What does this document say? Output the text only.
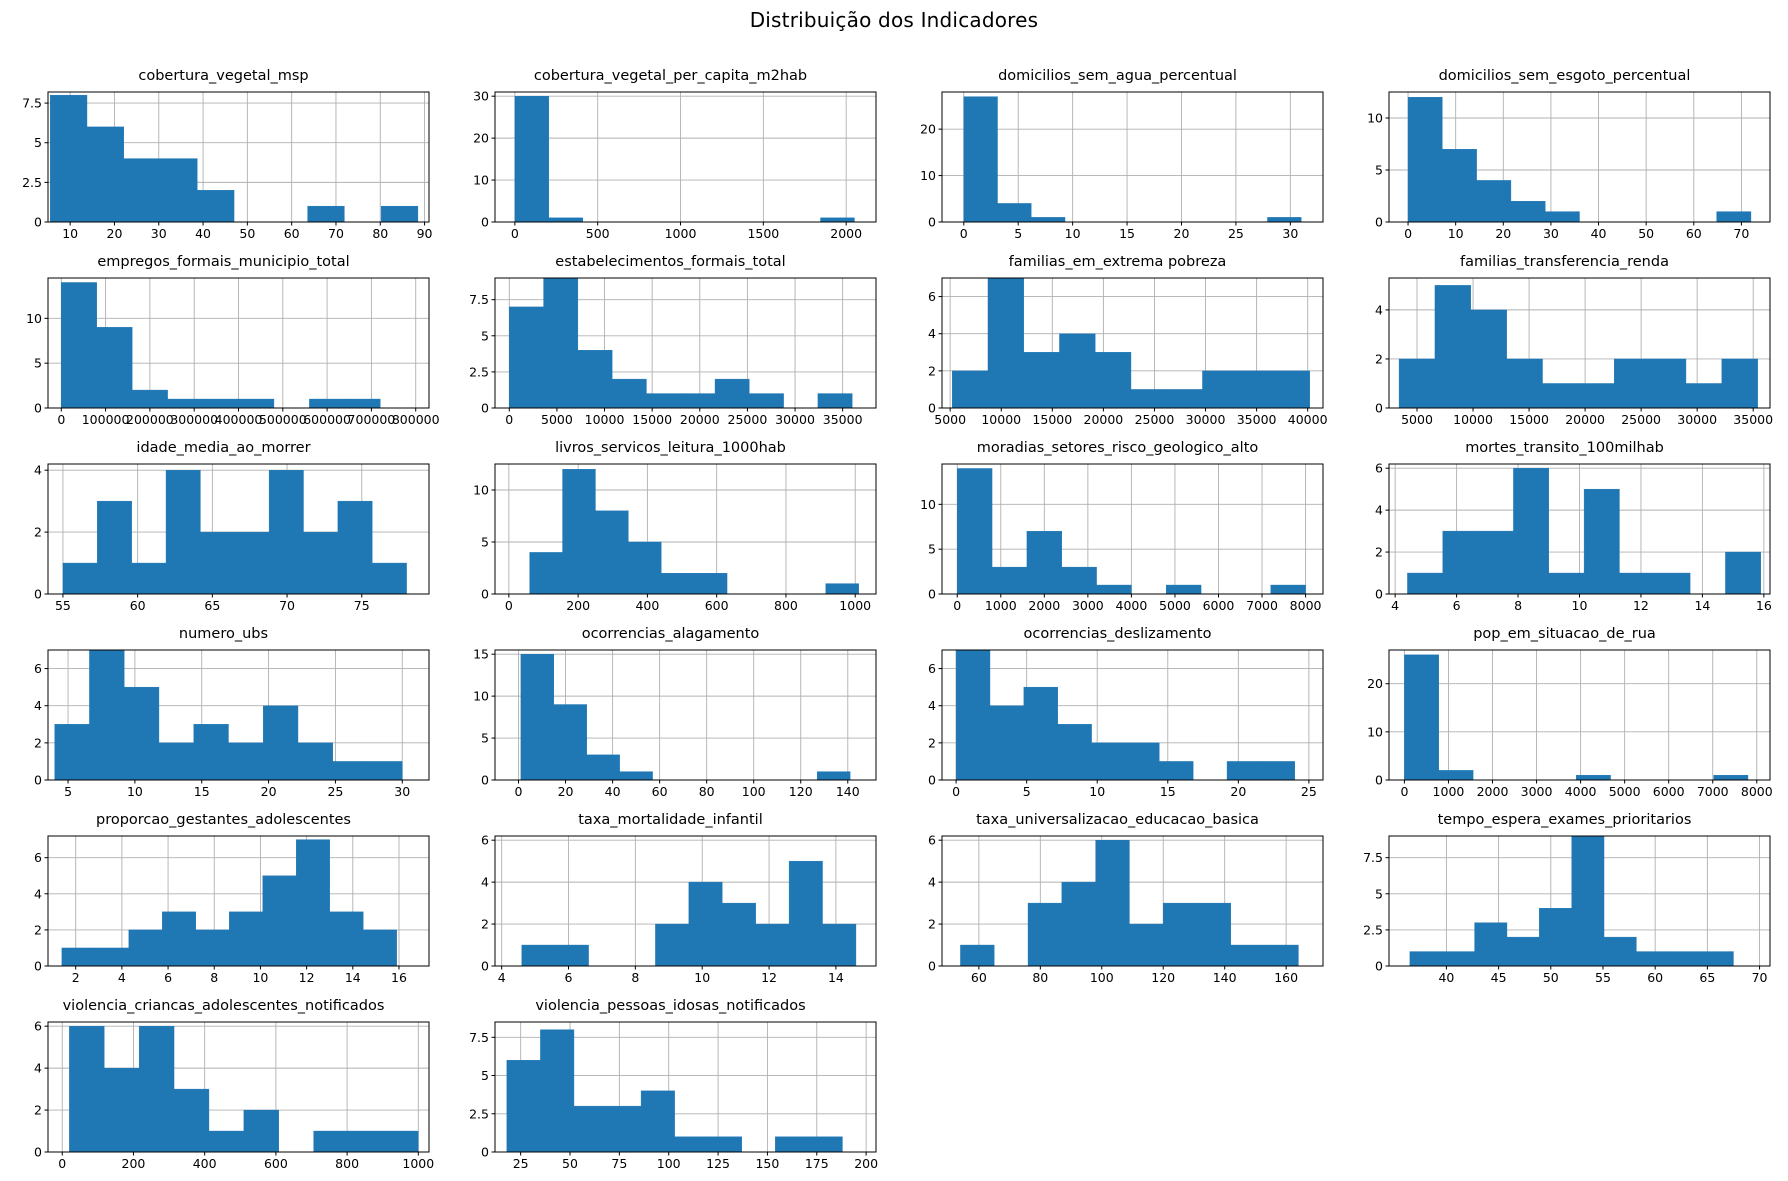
Distribuição dos Indicadores
cobertura_vegetal_msp
10 20 30 40 50 60 70 80 90
0
2.5
5
7.5
cobertura_vegetal_per_capita_m2hab
0	500	1000	1500	2000
0
10
20
30
domicilios_sem_agua_percentual
0	5	10	15	20	25	30
0
10
20
domicilios_sem_esgoto_percentual
0	10	20	30	40	50	60	70
0
5
10
empregos_formais_municipio_total
0 100000
200000
300000
400000
500000
600000
700000
800000
0
5
10
estabelecimentos_formais_total
0 5000 10000 15000 20000 25000 30000 35000
0
2.5
5
7.5
familias_em_extrema pobreza
5000 10000 15000 20000 25000 30000 35000 40000
0
2
4
6
familias_transferencia_renda
5000 10000 15000 20000 25000 30000 35000
0
2
4
idade_media_ao_morrer
55	60	65	70	75
0
2
4
livros_servicos_leitura_1000hab
0	200	400	600	800	1000
0
5
10
moradias_setores_risco_geologico_alto
0 1000 2000 3000 4000 5000 6000 7000 8000
0
5
10
mortes_transito_100milhab
4	6	8	10	12	14	16
0
2
4
6
numero_ubs
5	10	15	20	25	30
0
2
4
6
ocorrencias_alagamento
0	20 40 60 80 100 120 140
0
5
10
15
ocorrencias_deslizamento
0	5	10	15	20	25
0
2
4
6
pop_em_situacao_de_rua
0 1000 2000 3000 4000 5000 6000 7000 8000
0
10
20
proporcao_gestantes_adolescentes
2	4	6	8	10 12 14 16
0
2
4
6
taxa_mortalidade_infantil
4	6	8	10	12	14
0
2
4
6
taxa_universalizacao_educacao_basica
60	80	100	120	140	160
0
2
4
6
tempo_espera_exames_prioritarios
40	45	50	55	60	65	70
0
2.5
5
7.5
violencia_criancas_adolescentes_notificados
0	200	400	600	800	1000
0
2
4
6
violencia_pessoas_idosas_notificados
25	50	75 100 125 150 175 200
0
2.5
5
7.5
